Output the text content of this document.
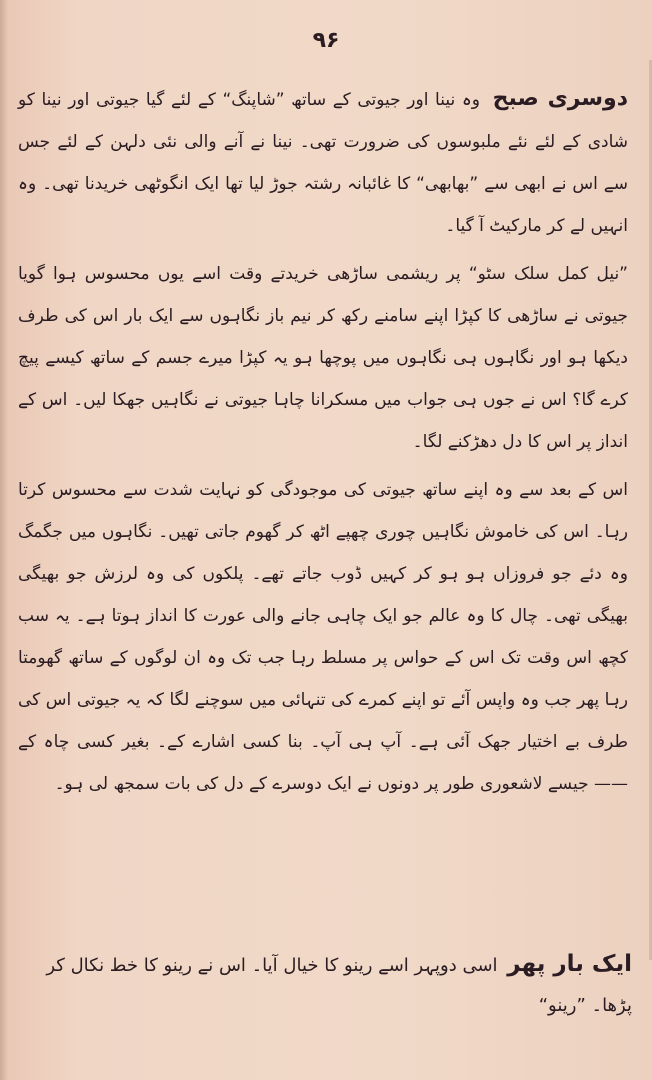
۹۶

دوسری صبح وہ نینا اور جیوتی کے ساتھ ”شاپنگ“ کے لئے گیا جیوتی اور نینا کو شادی کے لئے نئے ملبوسوں کی ضرورت تھی۔ نینا نے آنے والی نئی دلہن کے لئے جس سے اس نے ابھی سے ”بھابھی“ کا غائبانہ رشتہ جوڑ لیا تھا ایک انگوٹھی خریدنا تھی۔ وہ انہیں لے کر مارکیٹ آ گیا۔

”نیل کمل سلک سٹو“ پر ریشمی ساڑھی خریدتے وقت اسے یوں محسوس ہوا گویا جیوتی نے ساڑھی کا کپڑا اپنے سامنے رکھ کر نیم باز نگاہوں سے ایک بار اس کی طرف دیکھا ہو اور نگاہوں ہی نگاہوں میں پوچھا ہو یہ کپڑا میرے جسم کے ساتھ کیسے پیچ کرے گا؟ اس نے جوں ہی جواب میں مسکرانا چاہا جیوتی نے نگاہیں جھکا لیں۔ اس کے انداز پر اس کا دل دھڑکنے لگا۔

اس کے بعد سے وہ اپنے ساتھ جیوتی کی موجودگی کو نہایت شدت سے محسوس کرتا رہا۔ اس کی خاموش نگاہیں چوری چھپے اٹھ کر گھوم جاتی تھیں۔ نگاہوں میں جگمگ وہ دئے جو فروزاں ہو ہو کر کہیں ڈوب جاتے تھے۔ پلکوں کی وہ لرزش جو بھیگی بھیگی تھی۔ چال کا وہ عالم جو ایک چاہی جانے والی عورت کا انداز ہوتا ہے۔ یہ سب کچھ اس وقت تک اس کے حواس پر مسلط رہا جب تک وہ ان لوگوں کے ساتھ گھومتا رہا پھر جب وہ واپس آئے تو اپنے کمرے کی تنہائی میں سوچنے لگا کہ یہ جیوتی اس کی طرف بے اختیار جھک آئی ہے۔ آپ ہی آپ۔ بنا کسی اشارے کے۔ بغیر کسی چاہ کے —— جیسے لاشعوری طور پر دونوں نے ایک دوسرے کے دل کی بات سمجھ لی ہو۔

ایک بار پھر اسی دوپہر اسے رینو کا خیال آیا۔ اس نے رینو کا خط نکال کر پڑھا۔ ”رینو“
